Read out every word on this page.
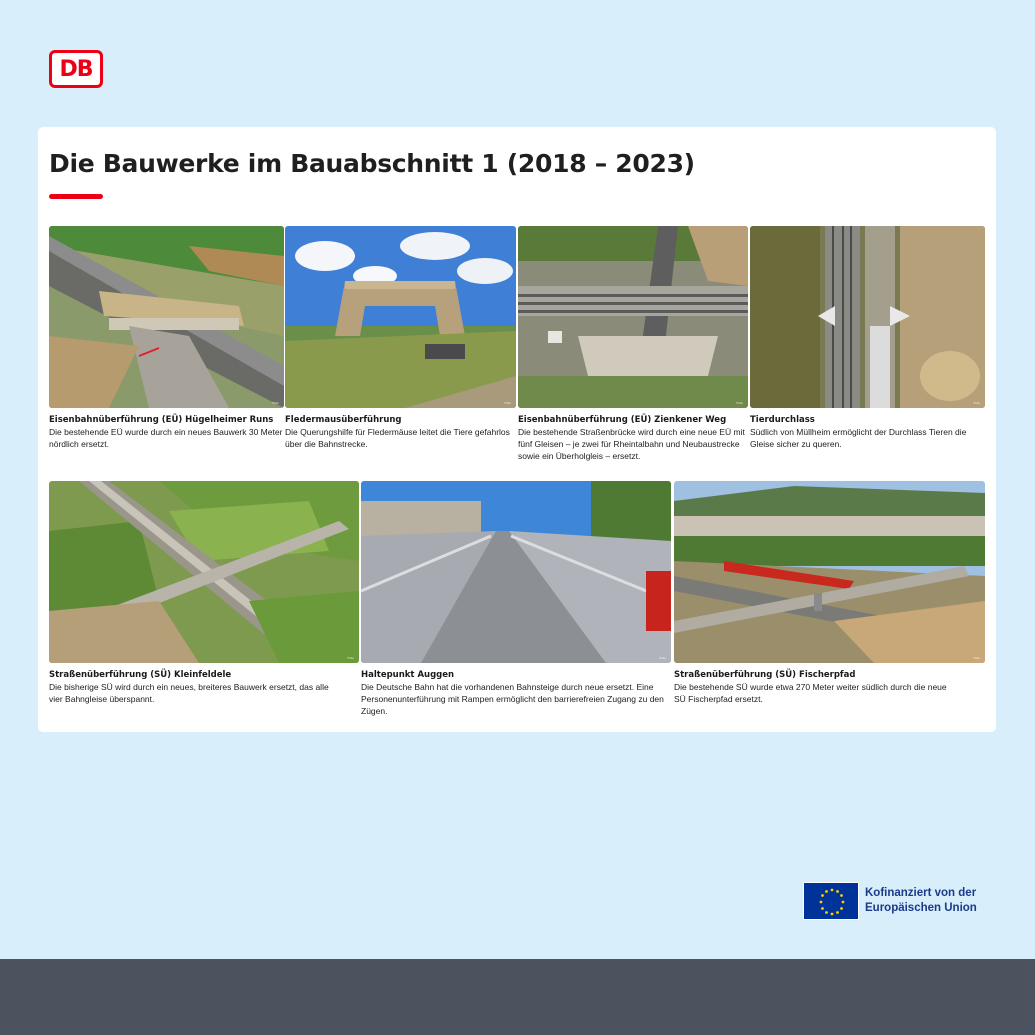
DB
Die Bauwerke im Bauabschnitt 1 (2018 – 2023)
Foto
Eisenbahnüberführung (EÜ) Hügelheimer Runs
Die bestehende EÜ wurde durch ein neues Bauwerk 30 Meter nördlich ersetzt.
Foto
Fledermausüberführung
Die Querungshilfe für Fledermäuse leitet die Tiere gefahrlos über die Bahnstrecke.
Foto
Eisenbahnüberführung (EÜ) Zienkener Weg
Die bestehende Straßenbrücke wird durch eine neue EÜ mit fünf Gleisen – je zwei für Rheintalbahn und Neubaustrecke sowie ein Überholgleis – ersetzt.
Foto
Tierdurchlass
Südlich von Müllheim ermöglicht der Durchlass Tieren die Gleise sicher zu queren.
Foto
Straßenüberführung (SÜ) Kleinfeldele
Die bisherige SÜ wird durch ein neues, breiteres Bauwerk ersetzt, das alle vier Bahngleise überspannt.
Foto
Haltepunkt Auggen
Die Deutsche Bahn hat die vorhandenen Bahnsteige durch neue ersetzt. Eine Personenunterführung mit Rampen ermöglicht den barrierefreien Zugang zu den Zügen.
Foto
Straßenüberführung (SÜ) Fischerpfad
Die bestehende SÜ wurde etwa 270 Meter weiter südlich durch die neue SÜ Fischerpfad ersetzt.
Kofinanziert von der
Europäischen Union
